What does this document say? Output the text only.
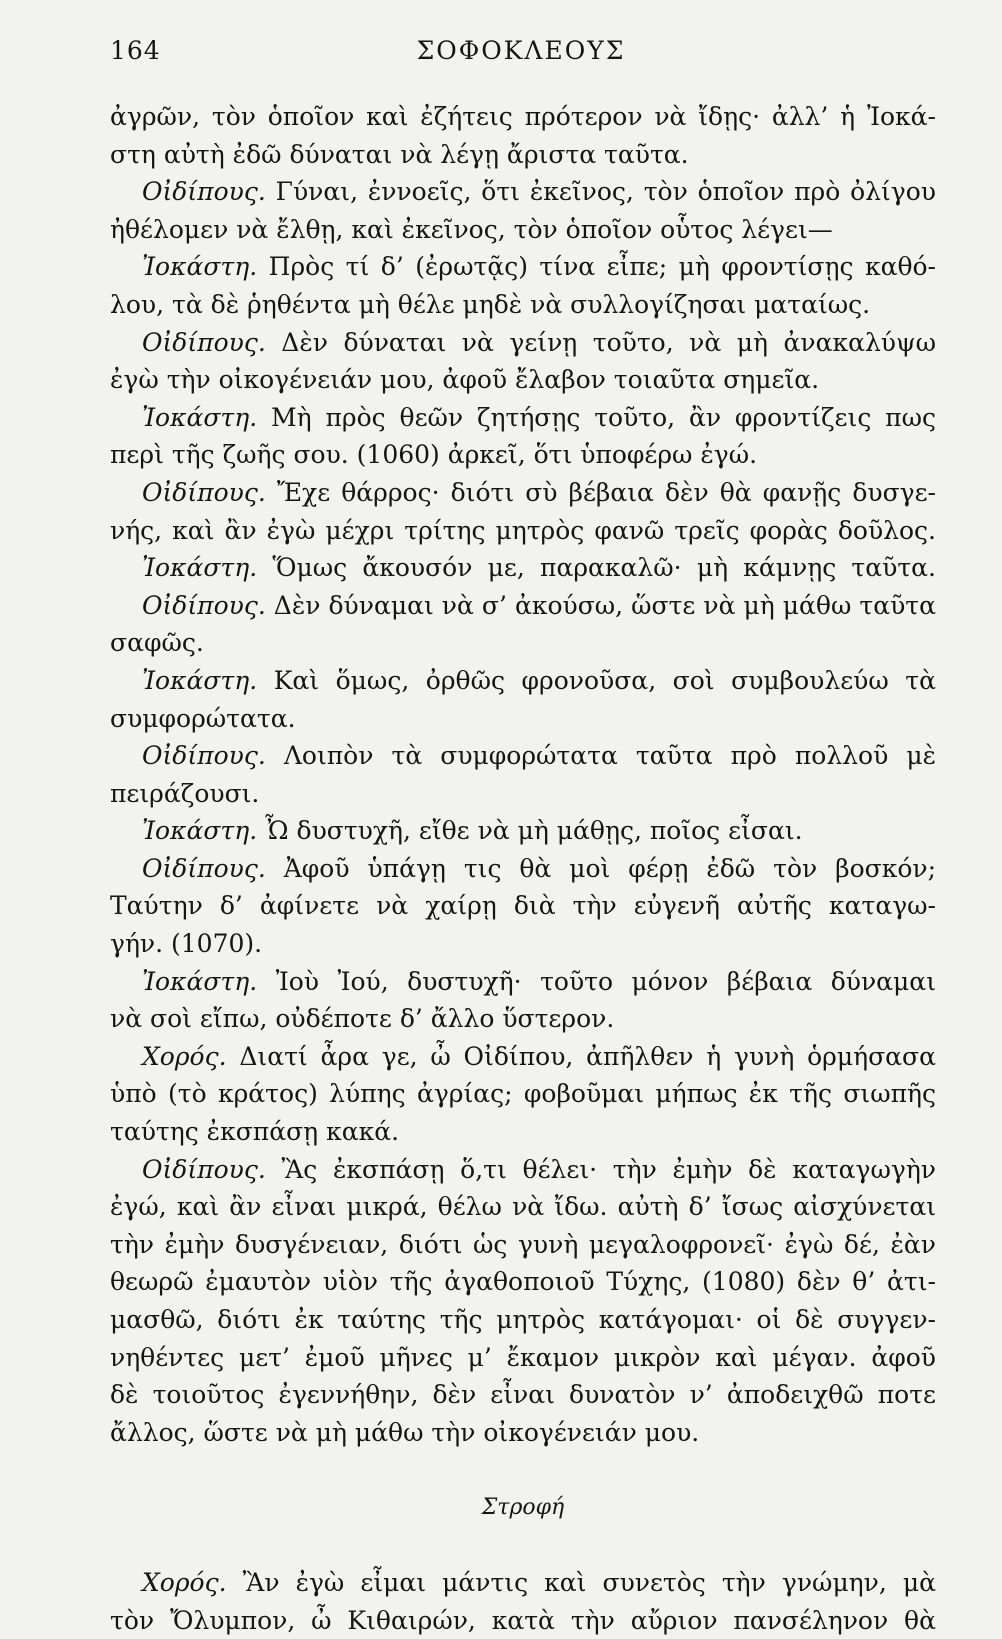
164	ΣΟΦΟΚΛΕΟΥΣ
ἀγρῶν, τὸν ὁποῖον καὶ ἐζήτεις πρότερον νὰ ἴδῃς· ἀλλ’ ἡ Ἰοκά-
στη αὐτὴ ἐδῶ δύναται νὰ λέγῃ ἄριστα ταῦτα.
Οἰδίπους. Γύναι, ἐννοεῖς, ὅτι ἐκεῖνος, τὸν ὁποῖον πρὸ ὀλίγου
ἠθέλομεν νὰ ἔλθῃ, καὶ ἐκεῖνος, τὸν ὁποῖον οὗτος λέγει—
Ἰοκάστη. Πρὸς τί δ’ (ἐρωτᾷς) τίνα εἶπε; μὴ φροντίσῃς καθό-
λου, τὰ δὲ ῥηθέντα μὴ θέλε μηδὲ νὰ συλλογίζησαι ματαίως.
Οἰδίπους. Δὲν δύναται νὰ γείνῃ τοῦτο, νὰ μὴ ἀνακαλύψω
ἐγὼ τὴν οἰκογένειάν μου, ἀφοῦ ἔλαβον τοιαῦτα σημεῖα.
Ἰοκάστη. Μὴ πρὸς θεῶν ζητήσῃς τοῦτο, ἂν φροντίζεις πως
περὶ τῆς ζωῆς σου. (1060) ἀρκεῖ, ὅτι ὑποφέρω ἐγώ.
Οἰδίπους. Ἔχε θάρρος· διότι σὺ βέβαια δὲν θὰ φανῇς δυσγε-
νής, καὶ ἂν ἐγὼ μέχρι τρίτης μητρὸς φανῶ τρεῖς φορὰς δοῦλος.
Ἰοκάστη. Ὅμως ἄκουσόν με, παρακαλῶ· μὴ κάμνῃς ταῦτα.
Οἰδίπους. Δὲν δύναμαι νὰ σ’ ἀκούσω, ὥστε νὰ μὴ μάθω ταῦτα
σαφῶς.
Ἰοκάστη. Καὶ ὅμως, ὀρθῶς φρονοῦσα, σοὶ συμβουλεύω τὰ
συμφορώτατα.
Οἰδίπους. Λοιπὸν τὰ συμφορώτατα ταῦτα πρὸ πολλοῦ μὲ
πειράζουσι.
Ἰοκάστη. Ὦ δυστυχῆ, εἴθε νὰ μὴ μάθῃς, ποῖος εἶσαι.
Οἰδίπους. Ἀφοῦ ὑπάγῃ τις θὰ μοὶ φέρῃ ἐδῶ τὸν βοσκόν;
Ταύτην δ’ ἀφίνετε νὰ χαίρῃ διὰ τὴν εὐγενῆ αὐτῆς καταγω-
γήν. (1070).
Ἰοκάστη. Ἰοὺ Ἰού, δυστυχῆ· τοῦτο μόνον βέβαια δύναμαι
νὰ σοὶ εἴπω, οὐδέποτε δ’ ἄλλο ὕστερον.
Χορός. Διατί ἆρα γε, ὦ Οἰδίπου, ἀπῆλθεν ἡ γυνὴ ὁρμήσασα
ὑπὸ (τὸ κράτος) λύπης ἀγρίας; φοβοῦμαι μήπως ἐκ τῆς σιωπῆς
ταύτης ἐκσπάσῃ κακά.
Οἰδίπους. Ἂς ἐκσπάσῃ ὅ,τι θέλει· τὴν ἐμὴν δὲ καταγωγὴν
ἐγώ, καὶ ἂν εἶναι μικρά, θέλω νὰ ἴδω. αὐτὴ δ’ ἴσως αἰσχύνεται
τὴν ἐμὴν δυσγένειαν, διότι ὡς γυνὴ μεγαλοφρονεῖ· ἐγὼ δέ, ἐὰν
θεωρῶ ἐμαυτὸν υἱὸν τῆς ἀγαθοποιοῦ Τύχης, (1080) δὲν θ’ ἀτι-
μασθῶ, διότι ἐκ ταύτης τῆς μητρὸς κατάγομαι· οἱ δὲ συγγεν-
νηθέντες μετ’ ἐμοῦ μῆνες μ’ ἔκαμον μικρὸν καὶ μέγαν. ἀφοῦ
δὲ τοιοῦτος ἐγεννήθην, δὲν εἶναι δυνατὸν ν’ ἀποδειχθῶ ποτε
ἄλλος, ὥστε νὰ μὴ μάθω τὴν οἰκογένειάν μου.
Στροφή
Χορός. Ἂν ἐγὼ εἶμαι μάντις καὶ συνετὸς τὴν γνώμην, μὰ
τὸν Ὄλυμπον, ὦ Κιθαιρών, κατὰ τὴν αὔριον πανσέληνον θὰ
